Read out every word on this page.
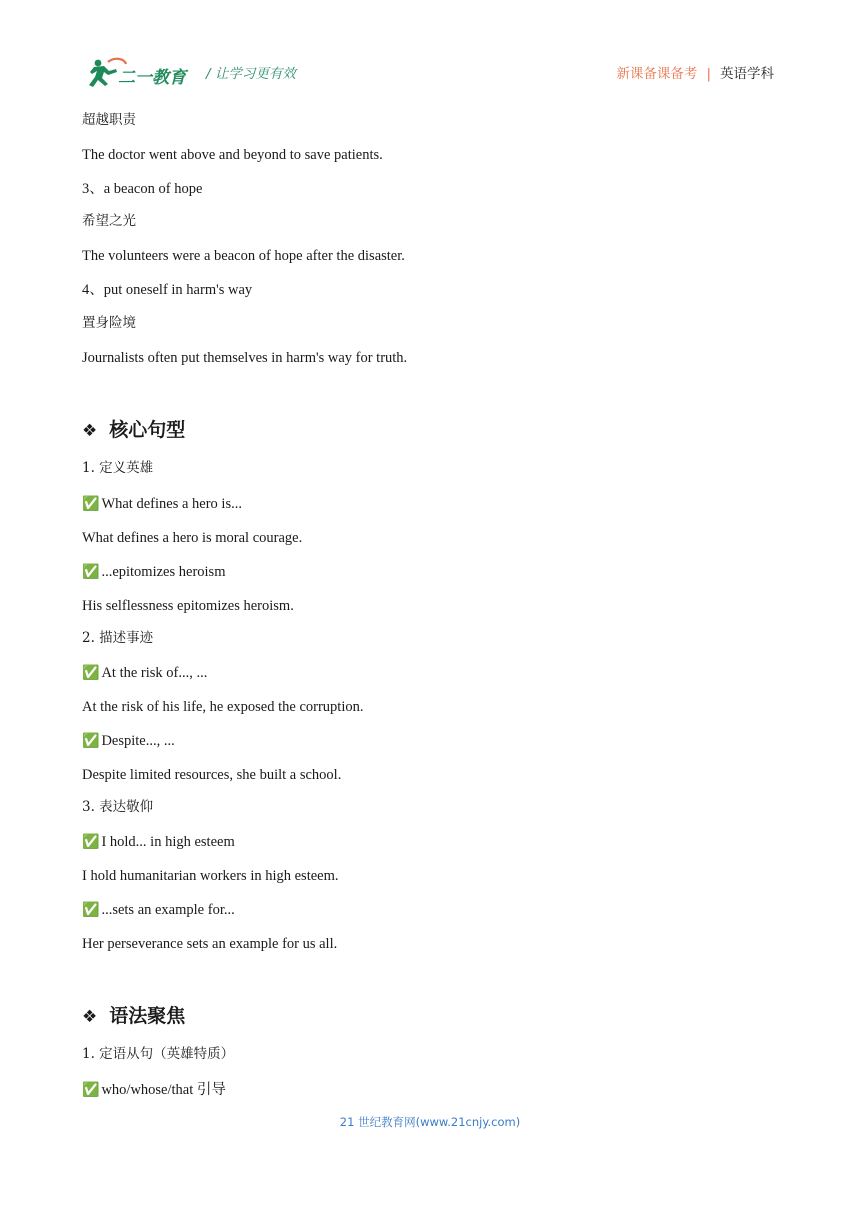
二一教育 / 让学习更有效	新课备课备考 | 英语学科
超越职责
The doctor went above and beyond to save patients.
3、a beacon of hope
希望之光
The volunteers were a beacon of hope after the disaster.
4、put oneself in harm's way
置身险境
Journalists often put themselves in harm's way for truth.
❖ 核心句型
1. 定义英雄
✅ What defines a hero is...
What defines a hero is moral courage.
✅ ...epitomizes heroism
His selflessness epitomizes heroism.
2. 描述事迹
✅ At the risk of..., ...
At the risk of his life, he exposed the corruption.
✅ Despite..., ...
Despite limited resources, she built a school.
3. 表达敬仰
✅ I hold... in high esteem
I hold humanitarian workers in high esteem.
✅ ...sets an example for...
Her perseverance sets an example for us all.
❖ 语法聚焦
1. 定语从句（英雄特质）
✅ who/whose/that 引导
21 世纪教育网(www.21cnjy.com)
